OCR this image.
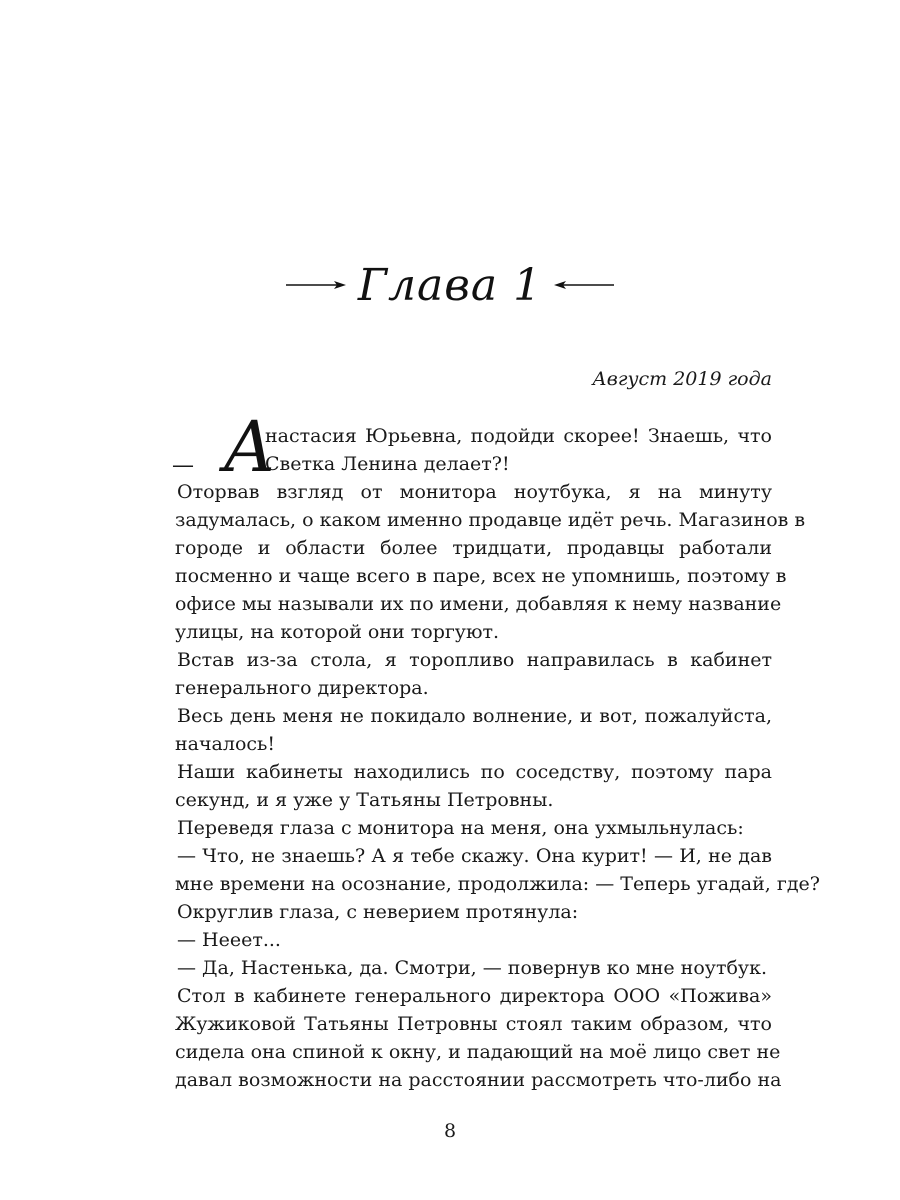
Глава 1
Август 2019 года
— А
настасия Юрьевна, подойди скорее! Знаешь, что
Светка Ленина делает?!
Оторвав взгляд от монитора ноутбука, я на минуту
задумалась, о каком именно продавце идёт речь. Магазинов в
городе и области более тридцати, продавцы работали
посменно и чаще всего в паре, всех не упомнишь, поэтому в
офисе мы называли их по имени, добавляя к нему название
улицы, на которой они торгуют.
Встав из-за стола, я торопливо направилась в кабинет
генерального директора.
Весь день меня не покидало волнение, и вот, пожалуйста,
началось!
Наши кабинеты находились по соседству, поэтому пара
секунд, и я уже у Татьяны Петровны.
Переведя глаза с монитора на меня, она ухмыльнулась:
— Что, не знаешь? А я тебе скажу. Она курит! — И, не дав
мне времени на осознание, продолжила: — Теперь угадай, где?
Округлив глаза, с неверием протянула:
— Нееет...
— Да, Настенька, да. Смотри, — повернув ко мне ноутбук.
Стол в кабинете генерального директора ООО «Пожива»
Жужиковой Татьяны Петровны стоял таким образом, что
сидела она спиной к окну, и падающий на моё лицо свет не
давал возможности на расстоянии рассмотреть что-либо на
8
